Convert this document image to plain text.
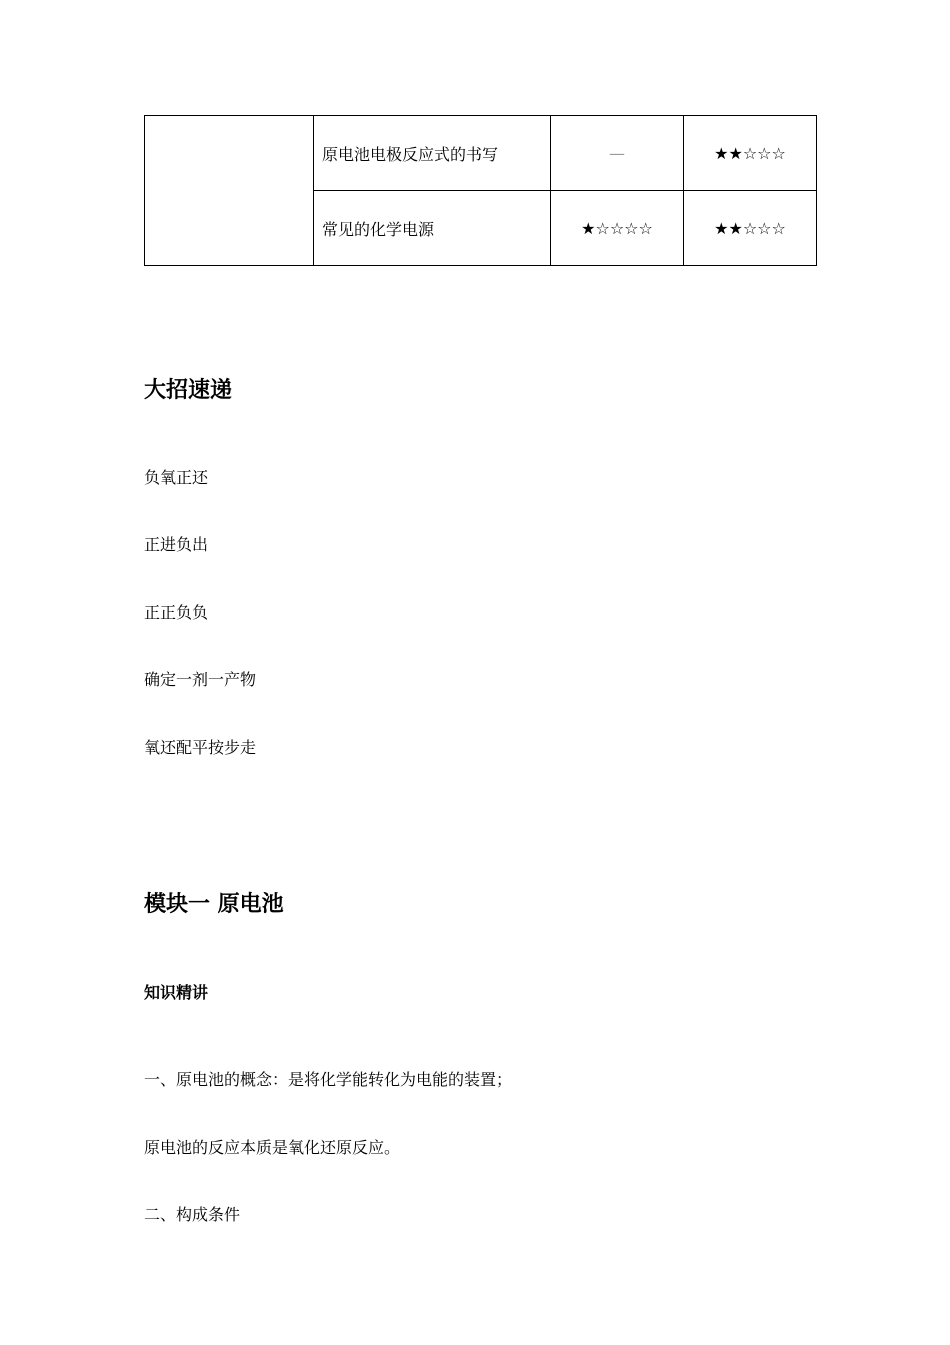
	原电池电极反应式的书写	—	★★☆☆☆
	常见的化学电源	★☆☆☆☆	★★☆☆☆
大招速递

负氧正还

正进负出

正正负负

确定一剂一产物

氧还配平按步走

模块一 原电池
知识精讲

一、原电池的概念：是将化学能转化为电能的装置；

原电池的反应本质是氧化还原反应。

二、构成条件
